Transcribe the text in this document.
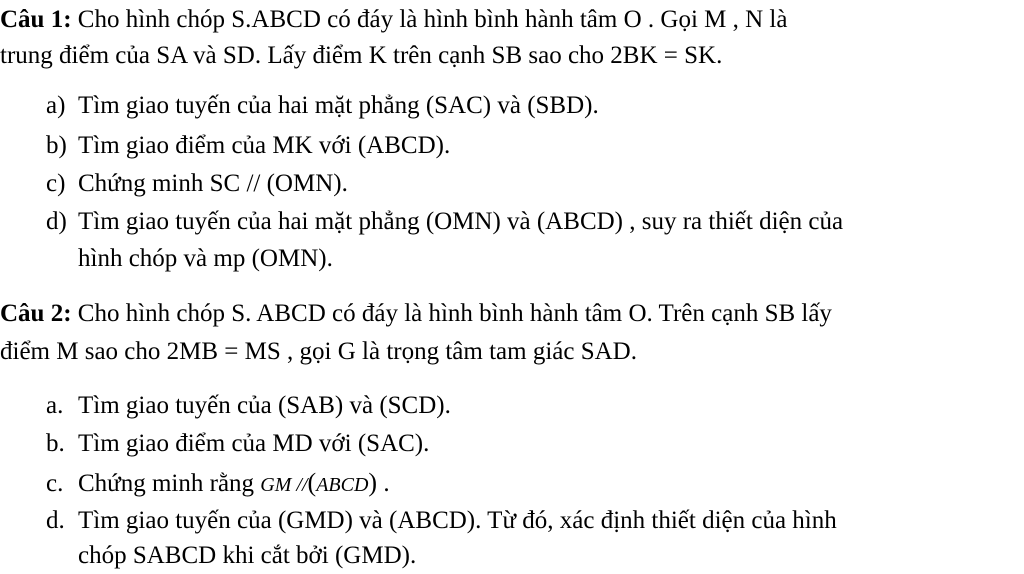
Câu 1: Cho hình chóp S.ABCD có đáy là hình bình hành tâm O . Gọi M , N là
trung điểm của SA và SD. Lấy điểm K trên cạnh SB sao cho 2BK = SK.
a) Tìm giao tuyến của hai mặt phẳng (SAC) và (SBD).
b) Tìm giao điểm của MK với (ABCD).
c) Chứng minh SC // (OMN).
d) Tìm giao tuyến của hai mặt phẳng (OMN) và (ABCD) , suy ra thiết diện của
hình chóp và mp (OMN).
Câu 2: Cho hình chóp S. ABCD có đáy là hình bình hành tâm O. Trên cạnh SB lấy
điểm M sao cho 2MB = MS , gọi G là trọng tâm tam giác SAD.
a. Tìm giao tuyến của (SAB) và (SCD).
b. Tìm giao điểm của MD với (SAC).
c. Chứng minh rằng GM //(ABCD) .
d. Tìm giao tuyến của (GMD) và (ABCD). Từ đó, xác định thiết diện của hình
chóp SABCD khi cắt bởi (GMD).
